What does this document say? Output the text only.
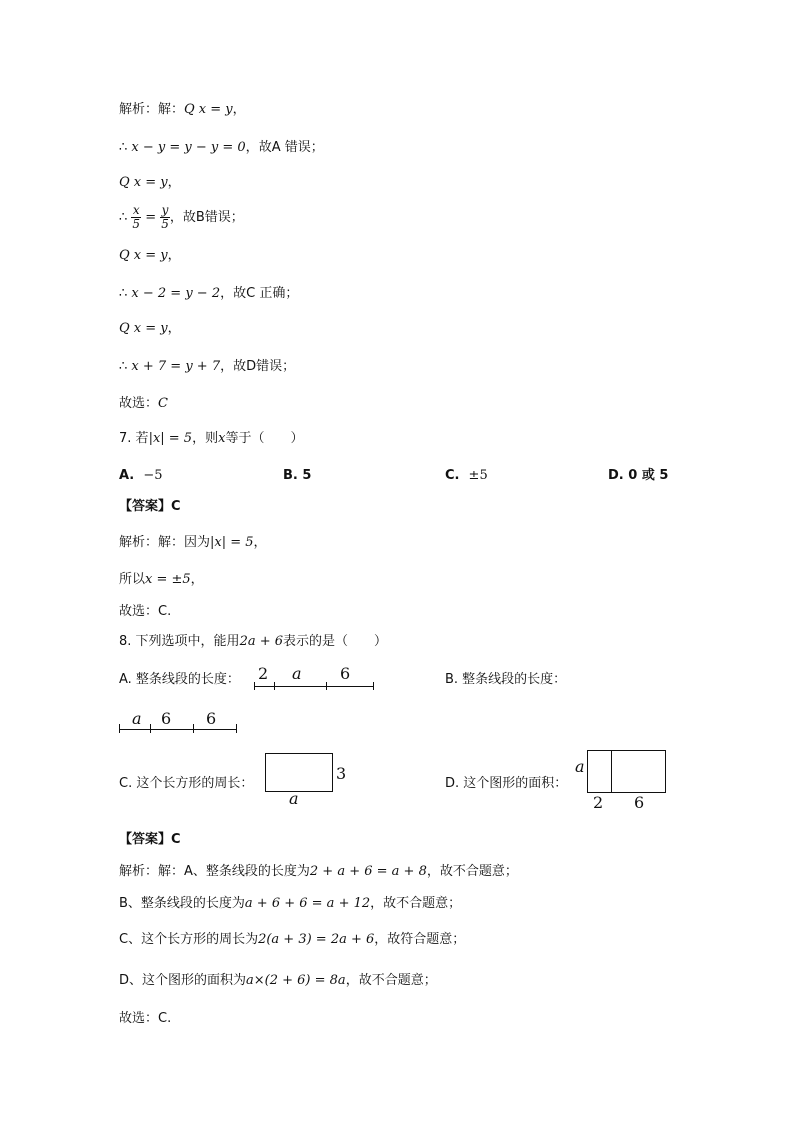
解析：解：Q x = y，
∴ x − y = y − y = 0，故A 错误；
Q x = y，
∴ $\frac{x}{5} = \frac{y}{5}$ ，故B错误；
Q x = y，
∴ x − 2 = y − 2，故C 正确；
Q x = y，
∴ x + 7 = y + 7，故D错误；
故选：C
7. 若|x| = 5，则x等于（　　）
A. −5	B. 5	C. ±5	D. 0 或 5
【答案】C
解析：解：因为|x| = 5，
所以x = ±5，
故选：C.
8. 下列选项中，能用2a + 6表示的是（　　）
A. 整条线段的长度： 2 a 6	B. 整条线段的长度：
a 6 6
C. 这个长方形的周长：
3
a
D. 这个图形的面积：
a
2 6
【答案】C
解析：解：A、整条线段的长度为2 + a + 6 = a + 8，故不合题意；
B、整条线段的长度为a + 6 + 6 = a + 12，故不合题意；
C、这个长方形的周长为2(a + 3) = 2a + 6，故符合题意；
D、这个图形的面积为a×(2 + 6) = 8a，故不合题意；
故选：C.
